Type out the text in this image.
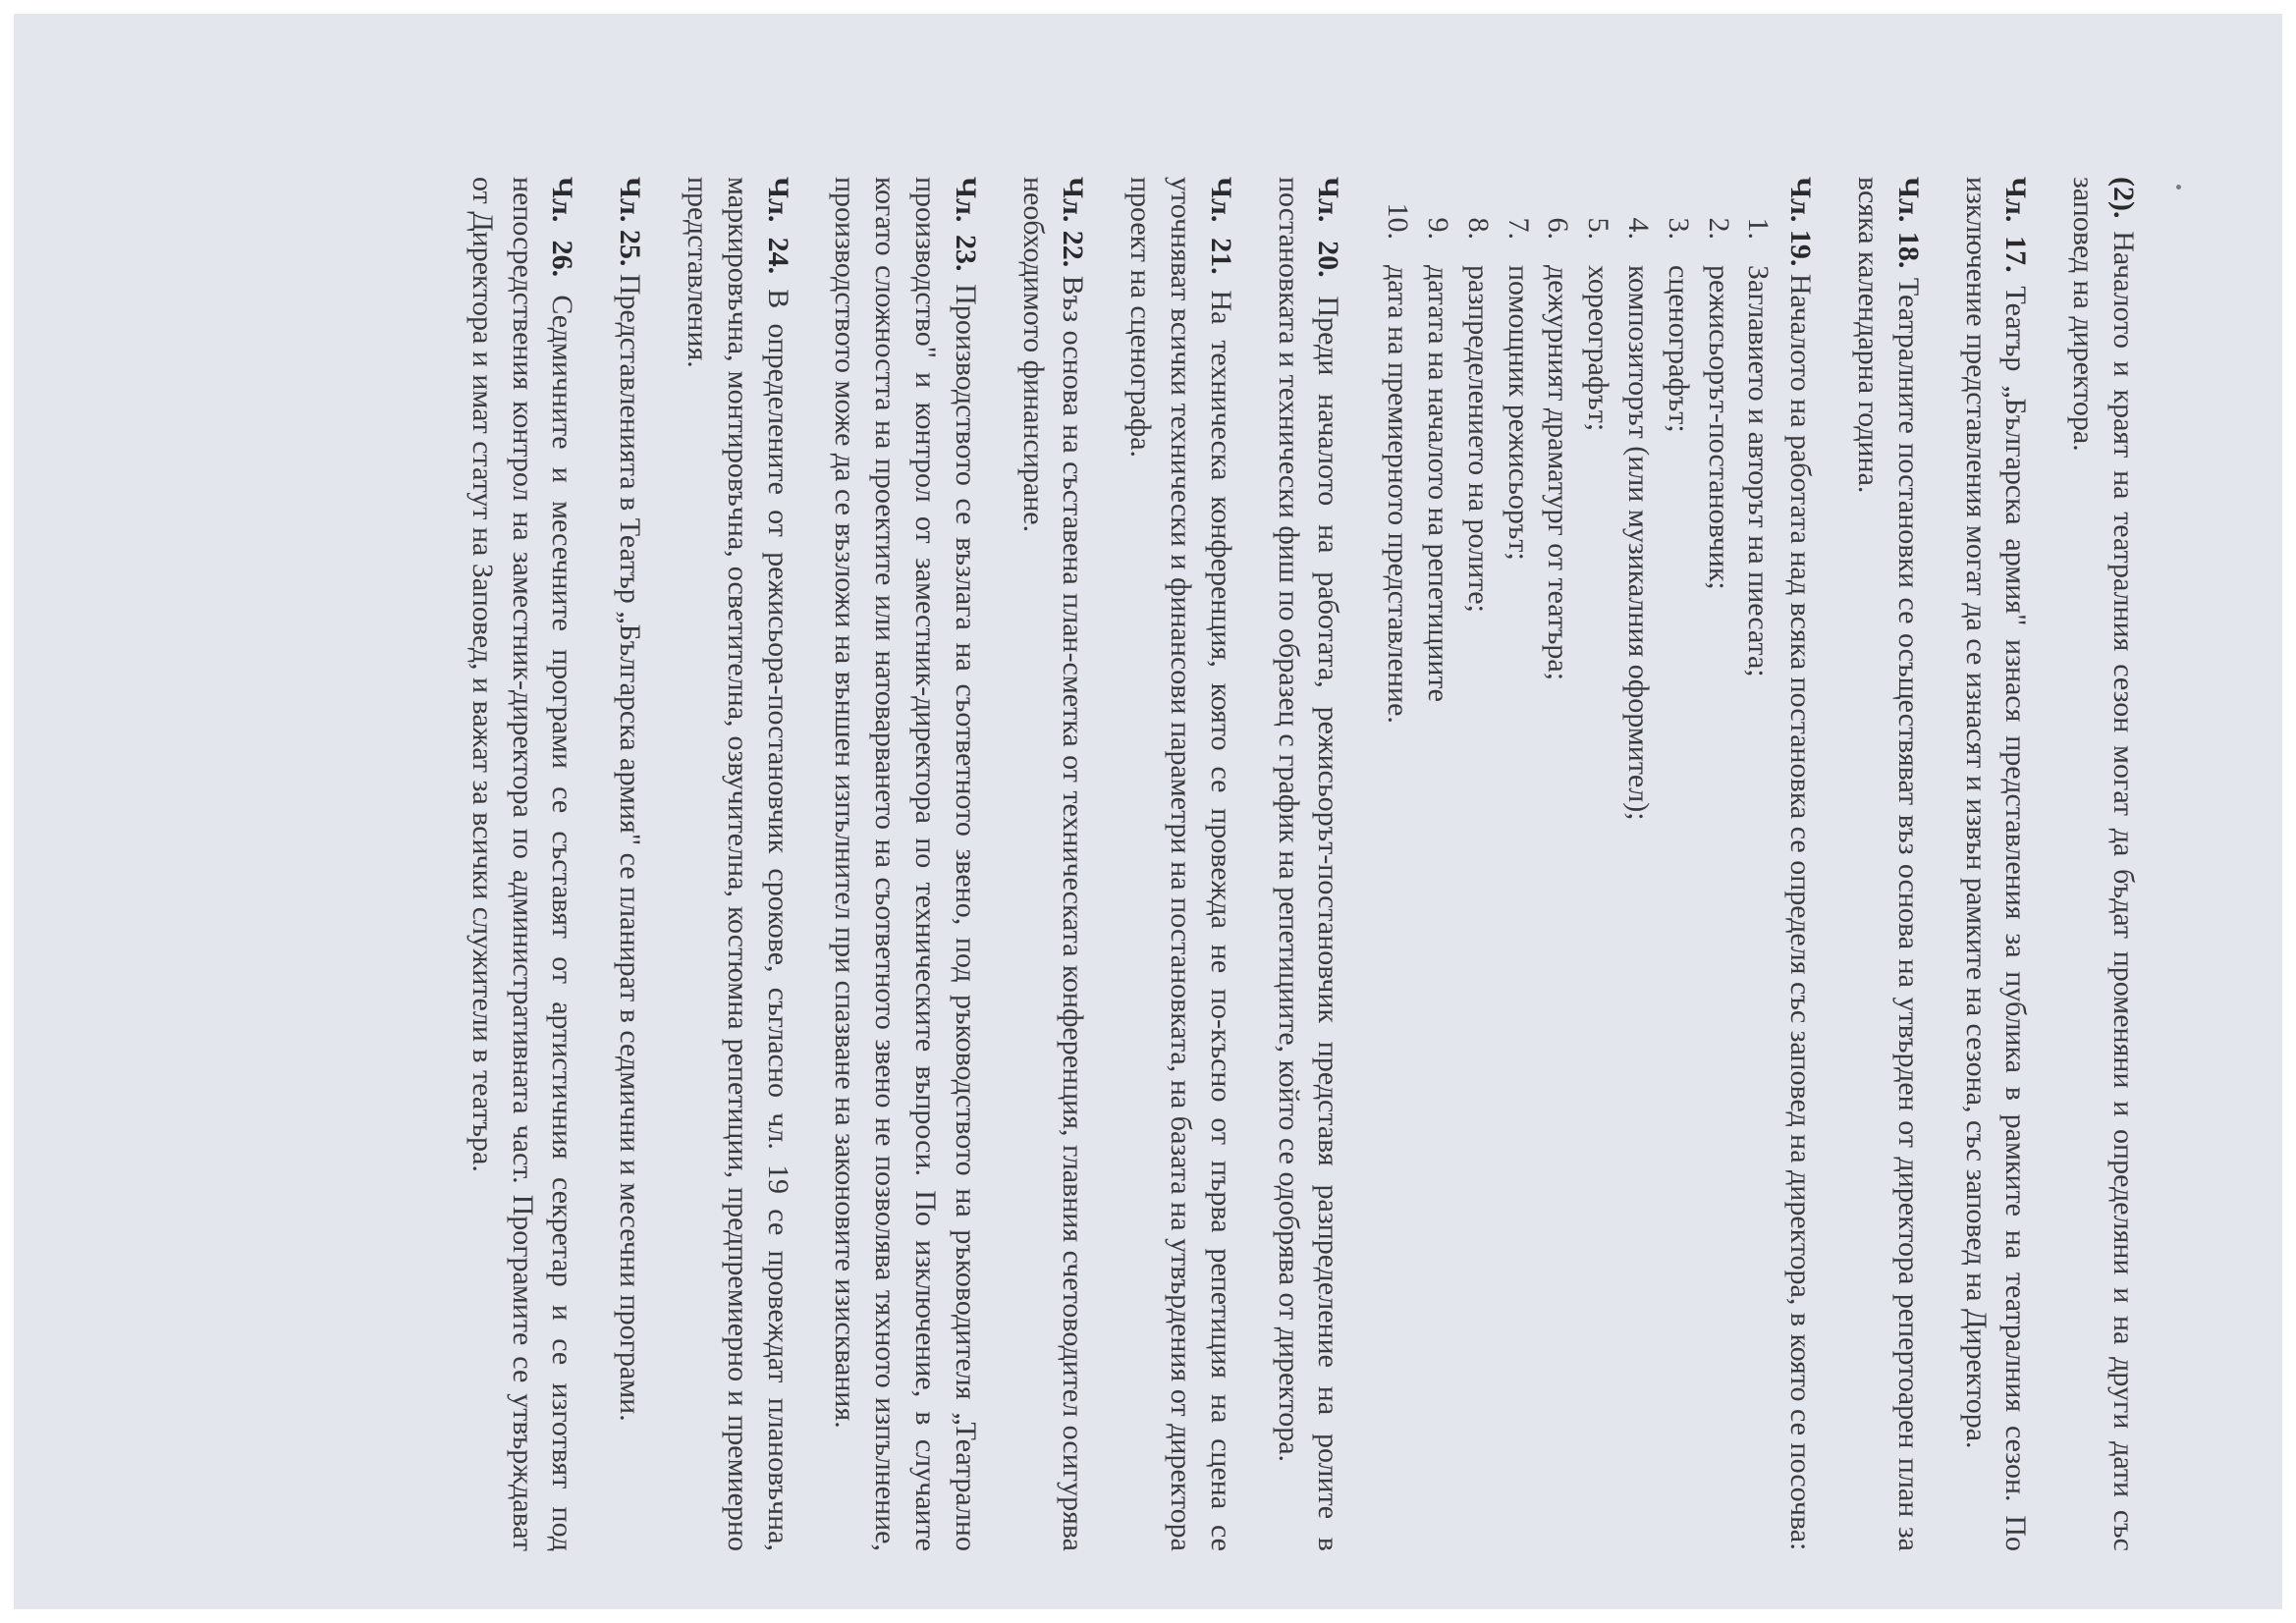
(2). Началото и краят на театралния сезон могат да бъдат променяни и определяни и на други дати със заповед на директора.

Чл. 17. Театър „Българска армия" изнася представления за публика в рамките на театралния сезон. По изключение представления могат да се изнасят и извън рамките на сезона, със заповед на Директора.

Чл. 18. Театралните постановки се осъществяват въз основа на утвърден от директора репертоарен план за всяка календарна година.

Чл. 19. Началото на работата над всяка постановка се определя със заповед на директора, в която се посочва:

1.
Заглавието и авторът на пиесата;
2.
режисьорът-постановчик;
3.
сценографът;
4.
композиторът (или музикалния оформител);
5.
хореографът;
6.
дежурният драматург от театъра;
7.
помощник режисьорът;
8.
разпределението на ролите;
9.
датата на началото на репетициите
10.
дата на премиерното представление.

Чл. 20. Преди началото на работата, режисьорът-постановчик представя разпределение на ролите в постановката и технически фиш по образец с график на репетициите, който се одобрява от директора.

Чл. 21. На техническа конференция, която се провежда не по-късно от първа репетиция на сцена се уточняват всички технически и финансови параметри на постановката, на базата на утвърдения от директора проект на сценографа.

Чл. 22. Въз основа на съставена план-сметка от техническата конференция, главния счетоводител осигурява необходимото финансиране.

Чл. 23. Производството се възлага на съответното звено, под ръководството на ръководителя „Театрално производство" и контрол от заместник-директора по техническите въпроси. По изключение, в случаите когато сложността на проектите или натоварването на съответното звено не позволява тяхното изпълнение, производството може да се възложи на външен изпълнител при спазване на законовите изисквания.

Чл. 24. В определените от режисьора-постановчик срокове, съгласно чл. 19 се провеждат плановъчна, маркировъчна, монтировъчна, осветителна, озвучителна, костюмна репетиции, предпремиерно и премиерно представления.

Чл. 25. Представленията в Театър „Българска армия" се планират в седмични и месечни програми.

Чл. 26. Седмичните и месечните програми се съставят от артистичния секретар и се изготвят под непосредствения контрол на заместник-директора по административната част. Програмите се утвърждават от Директора и имат статут на Заповед, и важат за всички служители в театъра.
